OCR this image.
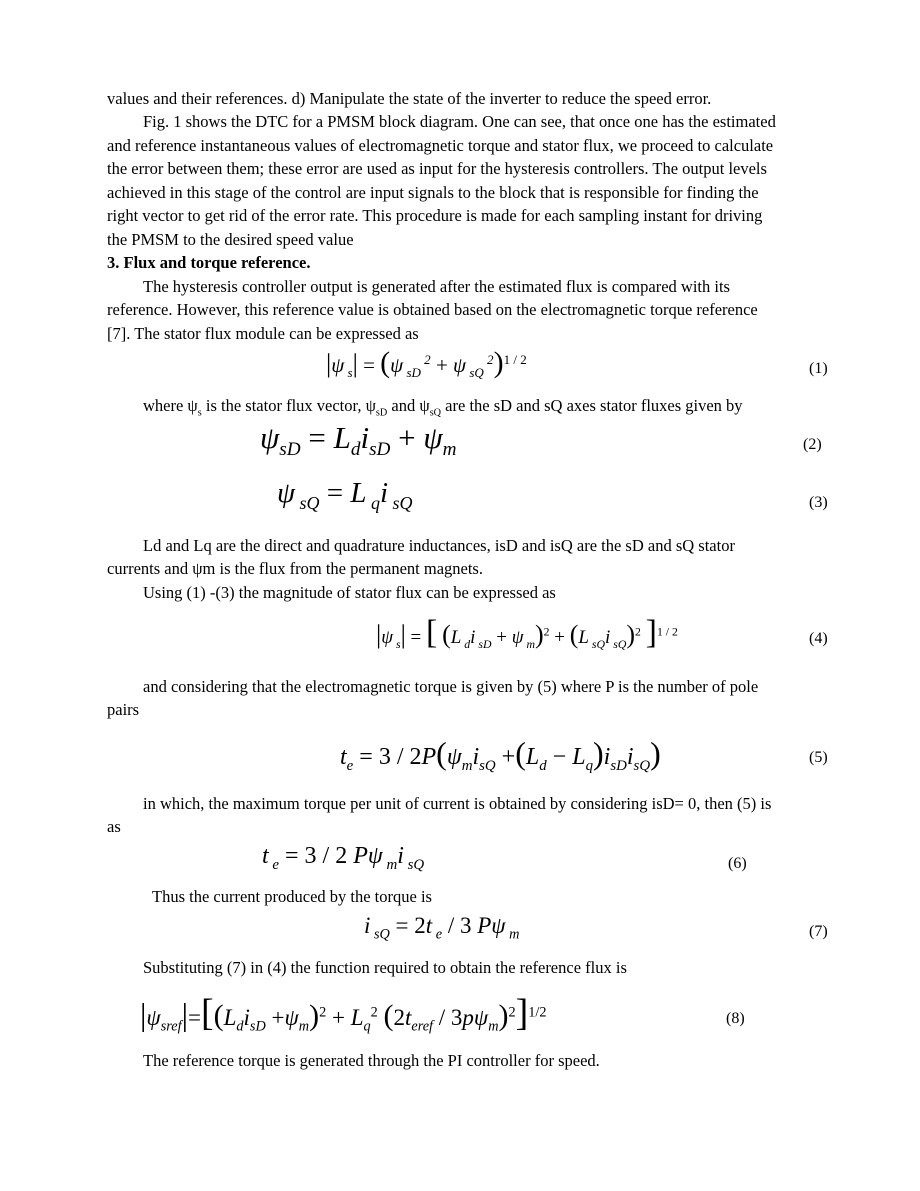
values and their references. d) Manipulate the state of the inverter to reduce the speed error.
Fig. 1 shows the DTC for a PMSM block diagram. One can see, that once one has the estimated
and reference instantaneous values of electromagnetic torque and stator flux, we proceed to calculate
the error between them; these error are used as input for the hysteresis controllers. The output levels
achieved in this stage of the control are input signals to the block that is responsible for finding the
right vector to get rid of the error rate. This procedure is made for each sampling instant for driving
the PMSM to the desired speed value
3. Flux and torque reference.
The hysteresis controller output is generated after the estimated flux is compared with its
reference. However, this reference value is obtained based on the electromagnetic torque reference
[7]. The stator flux module can be expressed as
|ψ $_s$| = (ψ $_{sD}$ $^2$ + ψ $_{sQ}$ $^2$)$^{1 / 2}$
(1)
where $\psi_s$ is the stator flux vector, $\psi_{sD}$ and $\psi_{sQ}$ are the sD and sQ axes stator fluxes given by
$\psi_{sD} = L_di_{sD} + \psi_m$	(2)
ψ $_{sQ}$ = L $_q$i $_{sQ}$	(3)
Ld and Lq are the direct and quadrature inductances, isD and isQ are the sD and sQ stator
currents and ψm is the flux from the permanent magnets.
Using (1) -(3) the magnitude of stator flux can be expressed as
|ψ $_s$| = [ (L $_d$i $_{sD}$ + ψ $_m$)$^2$ + (L $_{sQ}$i $_{sQ}$)$^2$ ]$^{1 / 2}$	(4)
and considering that the electromagnetic torque is given by (5) where P is the number of pole
pairs
$t_e = 3 / 2P(\psi_mi_{sQ} +(L_d - L_q)i_{sD}i_{sQ})$	(5)
in which, the maximum torque per unit of current is obtained by considering isD= 0, then (5) is
as
t $_e$ = 3 / 2 Pψ $_m$i $_{sQ}$	(6)
Thus the current produced by the torque is
i $_{sQ}$ = 2t $_e$ / 3 Pψ $_m$	(7)
Substituting (7) in (4) the function required to obtain the reference flux is
$|\psi_{sref}|=[(L_di_{sD} +\psi_m)^2 + L_q^2$ $(2t_{eref} / 3p\psi_m)^2]^{1/2}$	(8)
The reference torque is generated through the PI controller for speed.
